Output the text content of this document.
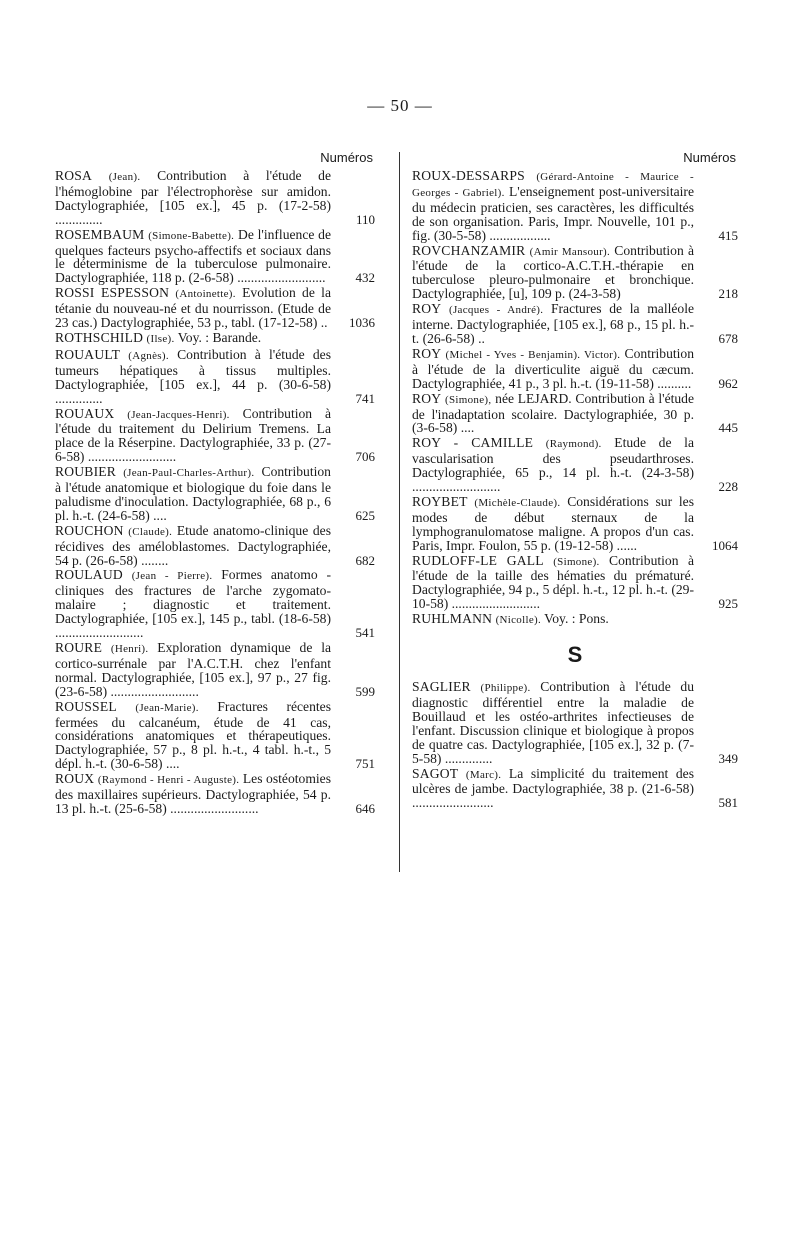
— 50 —
Numéros
ROSA (Jean). Contribution à l'étude de l'hémoglobine par l'électrophorèse sur amidon. Dactylographiée, [105 ex.], 45 p. (17-2-58) ..............	110
ROSEMBAUM (Simone-Babette). De l'influence de quelques facteurs psycho-affectifs et sociaux dans le déterminisme de la tuberculose pulmonaire. Dactylographiée, 118 p. (2-6-58) ..........................	432
ROSSI ESPESSON (Antoinette). Evolution de la tétanie du nouveau-né et du nourrisson. (Etude de 23 cas.) Dactylographiée, 53 p., tabl. (17-12-58) .. 1036
ROTHSCHILD (Ilse). Voy. : Barande.
ROUAULT (Agnès). Contribution à l'étude des tumeurs hépatiques à tissus multiples. Dactylographiée, [105 ex.], 44 p. (30-6-58) ..............	741
ROUAUX (Jean-Jacques-Henri). Contribution à l'étude du traitement du Delirium Tremens. La place de la Réserpine. Dactylographiée, 33 p. (27-6-58) ..........................	706
ROUBIER (Jean-Paul-Charles-Arthur). Contribution à l'étude anatomique et biologique du foie dans le paludisme d'inoculation. Dactylographiée, 68 p., 6 pl. h.-t. (24-6-58) ....	625
ROUCHON (Claude). Etude anatomo-clinique des récidives des améloblastomes. Dactylographiée, 54 p. (26-6-58) ........	682
ROULAUD (Jean - Pierre). Formes anatomo - cliniques des fractures de l'arche zygomato-malaire ; diagnostic et traitement. Dactylographiée, [105 ex.], 145 p., tabl. (18-6-58) ..........................	541
ROURE (Henri). Exploration dynamique de la cortico-surrénale par l'A.C.T.H. chez l'enfant normal. Dactylographiée, [105 ex.], 97 p., 27 fig. (23-6-58) ..........................	599
ROUSSEL (Jean-Marie). Fractures récentes fermées du calcanéum, étude de 41 cas, considérations anatomiques et thérapeutiques. Dactylographiée, 57 p., 8 pl. h.-t., 4 tabl. h.-t., 5 dépl. h.-t. (30-6-58) ....	751
ROUX (Raymond - Henri - Auguste). Les ostéotomies des maxillaires supérieurs. Dactylographiée, 54 p. 13 pl. h.-t. (25-6-58) ..........................	646
Numéros
ROUX-DESSARPS (Gérard-Antoine - Maurice - Georges - Gabriel). L'enseignement post-universitaire du médecin praticien, ses caractères, les difficultés de son organisation. Paris, Impr. Nouvelle, 101 p., fig. (30-5-58) ..................	415
ROVCHANZAMIR (Amir Mansour). Contribution à l'étude de la cortico-A.C.T.H.-thérapie en tuberculose pleuro-pulmonaire et bronchique. Dactylographiée, [u], 109 p. (24-3-58)	218
ROY (Jacques - André). Fractures de la malléole interne. Dactylographiée, [105 ex.], 68 p., 15 pl. h.-t. (26-6-58) ..	678
ROY (Michel - Yves - Benjamin). Victor). Contribution à l'étude de la diverticulite aiguë du cæcum. Dactylographiée, 41 p., 3 pl. h.-t. (19-11-58) .......... 962
ROY (Simone), née LEJARD. Contribution à l'étude de l'inadaptation scolaire. Dactylographiée, 30 p. (3-6-58) ....	445
ROY - CAMILLE (Raymond). Etude de la vascularisation des pseudarthroses. Dactylographiée, 65 p., 14 pl. h.-t. (24-3-58) ..........................	228
ROYBET (Michèle-Claude). Considérations sur les modes de début sternaux de la lymphogranulomatose maligne. A propos d'un cas. Paris, Impr. Foulon, 55 p. (19-12-58) ......	1064
RUDLOFF-LE GALL (Simone). Contribution à l'étude de la taille des hématies du prématuré. Dactylographiée, 94 p., 5 dépl. h.-t., 12 pl. h.-t. (29-10-58) ..........................	925
RUHLMANN (Nicolle). Voy. : Pons.
S
SAGLIER (Philippe). Contribution à l'étude du diagnostic différentiel entre la maladie de Bouillaud et les ostéo-arthrites infectieuses de l'enfant. Discussion clinique et biologique à propos de quatre cas. Dactylographiée, [105 ex.], 32 p. (7-5-58) ..............	349
SAGOT (Marc). La simplicité du traitement des ulcères de jambe. Dactylographiée, 38 p. (21-6-58) ........................	581
